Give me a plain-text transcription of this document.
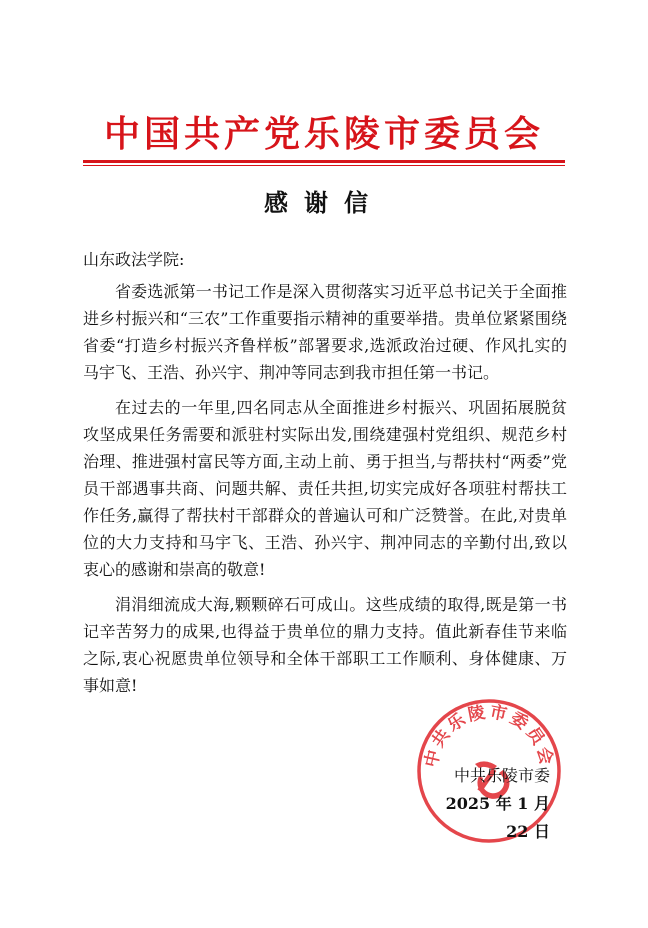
中国共产党乐陵市委员会
感谢信

山东政法学院:

省委选派第一书记工作是深入贯彻落实习近平总书记关于全面推进乡村振兴和“三农”工作重要指示精神的重要举措。贵单位紧紧围绕省委“打造乡村振兴齐鲁样板”部署要求,选派政治过硬、作风扎实的马宇飞、王浩、孙兴宇、荆冲等同志到我市担任第一书记。

在过去的一年里,四名同志从全面推进乡村振兴、巩固拓展脱贫攻坚成果任务需要和派驻村实际出发,围绕建强村党组织、规范乡村治理、推进强村富民等方面,主动上前、勇于担当,与帮扶村“两委”党员干部遇事共商、问题共解、责任共担,切实完成好各项驻村帮扶工作任务,赢得了帮扶村干部群众的普遍认可和广泛赞誉。在此,对贵单位的大力支持和马宇飞、王浩、孙兴宇、荆冲同志的辛勤付出,致以衷心的感谢和崇高的敬意!

涓涓细流成大海,颗颗碎石可成山。这些成绩的取得,既是第一书记辛苦努力的成果,也得益于贵单位的鼎力支持。值此新春佳节来临之际,衷心祝愿贵单位领导和全体干部职工工作顺利、身体健康、万事如意!

中共乐陵市委员会
中共乐陵市委
2025 年 1 月 22 日
